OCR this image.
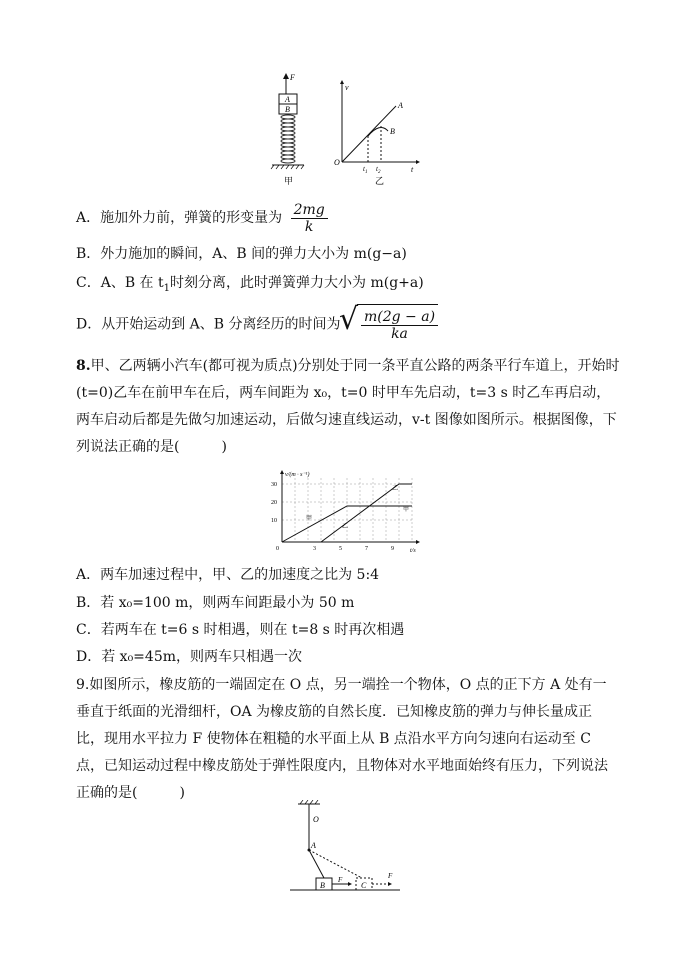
F
A
B
甲
v
O
t
A
B
$t_1$ $t_2$
乙
A．施加外力前，弹簧的形变量为 $\frac{2mg}{k}$
B．外力施加的瞬间，A、B 间的弹力大小为 m(g−a)
C．A、B 在 $t_1$时刻分离，此时弹簧弹力大小为 m(g+a)
D．从开始运动到 A、B 分离经历的时间为
√ $\frac{m(2g - a)}{ka}$
8.甲、乙两辆小汽车(都可视为质点)分别处于同一条平直公路的两条平行车道上，开始时(t=0)乙车在前甲车在后，两车间距为 x₀，t=0 时甲车先启动，t=3 s 时乙车再启动，两车启动后都是先做匀加速运动，后做匀速直线运动，v-t 图像如图所示。根据图像，下列说法正确的是(　　　)
v/(m · s⁻¹)
t/s
0
10
20
30
3	5	7	9
甲
乙
甲
乙
A．两车加速过程中，甲、乙的加速度之比为 5:4
B．若 x₀=100 m，则两车间距最小为 50 m
C．若两车在 t=6 s 时相遇，则在 t=8 s 时再次相遇
D．若 x₀=45m，则两车只相遇一次
9.如图所示，橡皮筋的一端固定在 O 点，另一端拴一个物体，O 点的正下方 A 处有一垂直于纸面的光滑细杆，OA 为橡皮筋的自然长度．已知橡皮筋的弹力与伸长量成正比，现用水平拉力 F 使物体在粗糙的水平面上从 B 点沿水平方向匀速向右运动至 C 点，已知运动过程中橡皮筋处于弹性限度内，且物体对水平地面始终有压力，下列说法正确的是(　　　)
O
A
B
F
C
F
